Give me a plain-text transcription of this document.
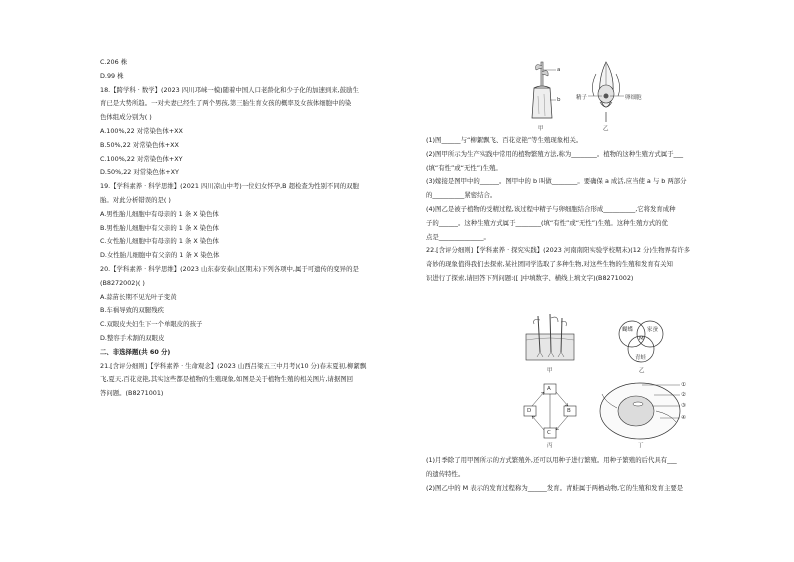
C.206 株
D.99 株
18.【跨学科 · 数学】(2023 四川邛崃一模)随着中国人口老龄化和少子化的加速到来,鼓励生
育已是大势所趋。一对夫妻已经生了两个男孩,第三胎生育女孩的概率及女孩体细胞中的染
色体组成分别为( )
A.100%,22 对常染色体+XX
B.50%,22 对常染色体+XX
C.100%,22 对常染色体+XY
D.50%,22 对常染色体+XY
19.【学科素养 · 科学思维】(2021 四川凉山中考)一位妇女怀孕,B 超检查为性别不同的双胞
胎。对此分析错误的是( )
A.男性胎儿细胞中有母亲的 1 条 X 染色体
B.男性胎儿细胞中有父亲的 1 条 X 染色体
C.女性胎儿细胞中有母亲的 1 条 X 染色体
D.女性胎儿细胞中有父亲的 1 条 X 染色体
20.【学科素养 · 科学思维】(2023 山东泰安泰山区期末)下列各项中,属于可遗传的变异的是
(B8272002)( )
A.蒜苗长期不见光叶子变黄
B.车祸导致的双腿残疾
C.双眼皮夫妇生下一个单眼皮的孩子
D.整容手术割的双眼皮
二、非选择题(共 60 分)
21.[含评分细则]【学科素养 · 生命观念】(2023 山西吕梁五三中月考)(10 分)春末夏初,柳絮飘
飞,夏天,百花竞艳,其实这些都是植物的生殖现象,如图是关于植物生殖的相关图片,请据图回
答问题。(B8271001)
a
b
甲	乙
精子	卵细胞
(1)图______与“柳絮飘飞、百花竞艳”等生殖现象相关。
(2)图甲所示为生产实践中常用的植物繁殖方法,称为________。植物的这种生殖方式属于___
(填“有性”或“无性”)生殖。
(3)嫁接是图甲中的______。图甲中的 b 叫做________。要确保 a 成活,应当使 a 与 b 两部分
的__________紧密结合。
(4)图乙是被子植物的受精过程,该过程中精子与卵细胞结合形成__________,它将发育成种
子的______。这种生殖方式属于________(填“有性”或“无性”)生殖。这种生殖方式的优
点是______________。
22.[含评分细则]【学科素养 · 探究实践】(2023 河南南阳实验学校期末)(12 分)生物界有许多
奇妙的现象值得我们去探索,某社团同学选取了多种生物,对这些生物的生殖和发育有关知
识进行了探索,请回答下列问题:([ ]中填数字、横线上填文字)(B8271002)
蝴蝶	家蚕
青蛙
M
甲	乙
A
D	B
C
①
②
③
④
丙	丁
(1)月季除了用甲图所示的方式繁殖外,还可以用种子进行繁殖。用种子繁殖的后代具有___
的遗传特性。
(2)图乙中的 M 表示的发育过程称为______发育。青蛙属于两栖动物,它的生殖和发育主要是
